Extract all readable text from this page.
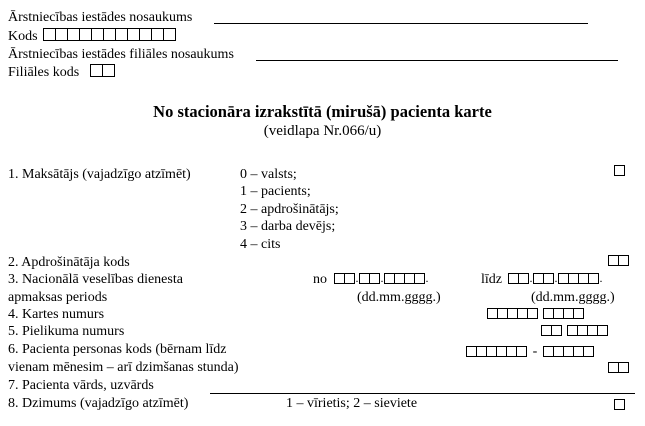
Ārstniecības iestādes nosaukums
Kods
Ārstniecības iestādes filiāles nosaukums
Filiāles kods
No stacionāra izrakstītā (mirušā) pacienta karte
(veidlapa Nr.066/u)
1. Maksātājs (vajadzīgo atzīmēt)	0 – valsts;
1 – pacients;
2 – apdrošinātājs;
3 – darba devējs;
4 – cits
2. Apdrošinātāja kods
3. Nacionālā veselības dienesta
apmaksas periods
no . .	.
(dd.mm.gggg.)
līdz . .	.
(dd.mm.gggg.)
4. Kartes numurs
5. Pielikuma numurs
6. Pacienta personas kods (bērnam līdz
vienam mēnesim – arī dzimšanas stunda)
-
7. Pacienta vārds, uzvārds
8. Dzimums (vajadzīgo atzīmēt)	1 – vīrietis; 2 – sieviete
